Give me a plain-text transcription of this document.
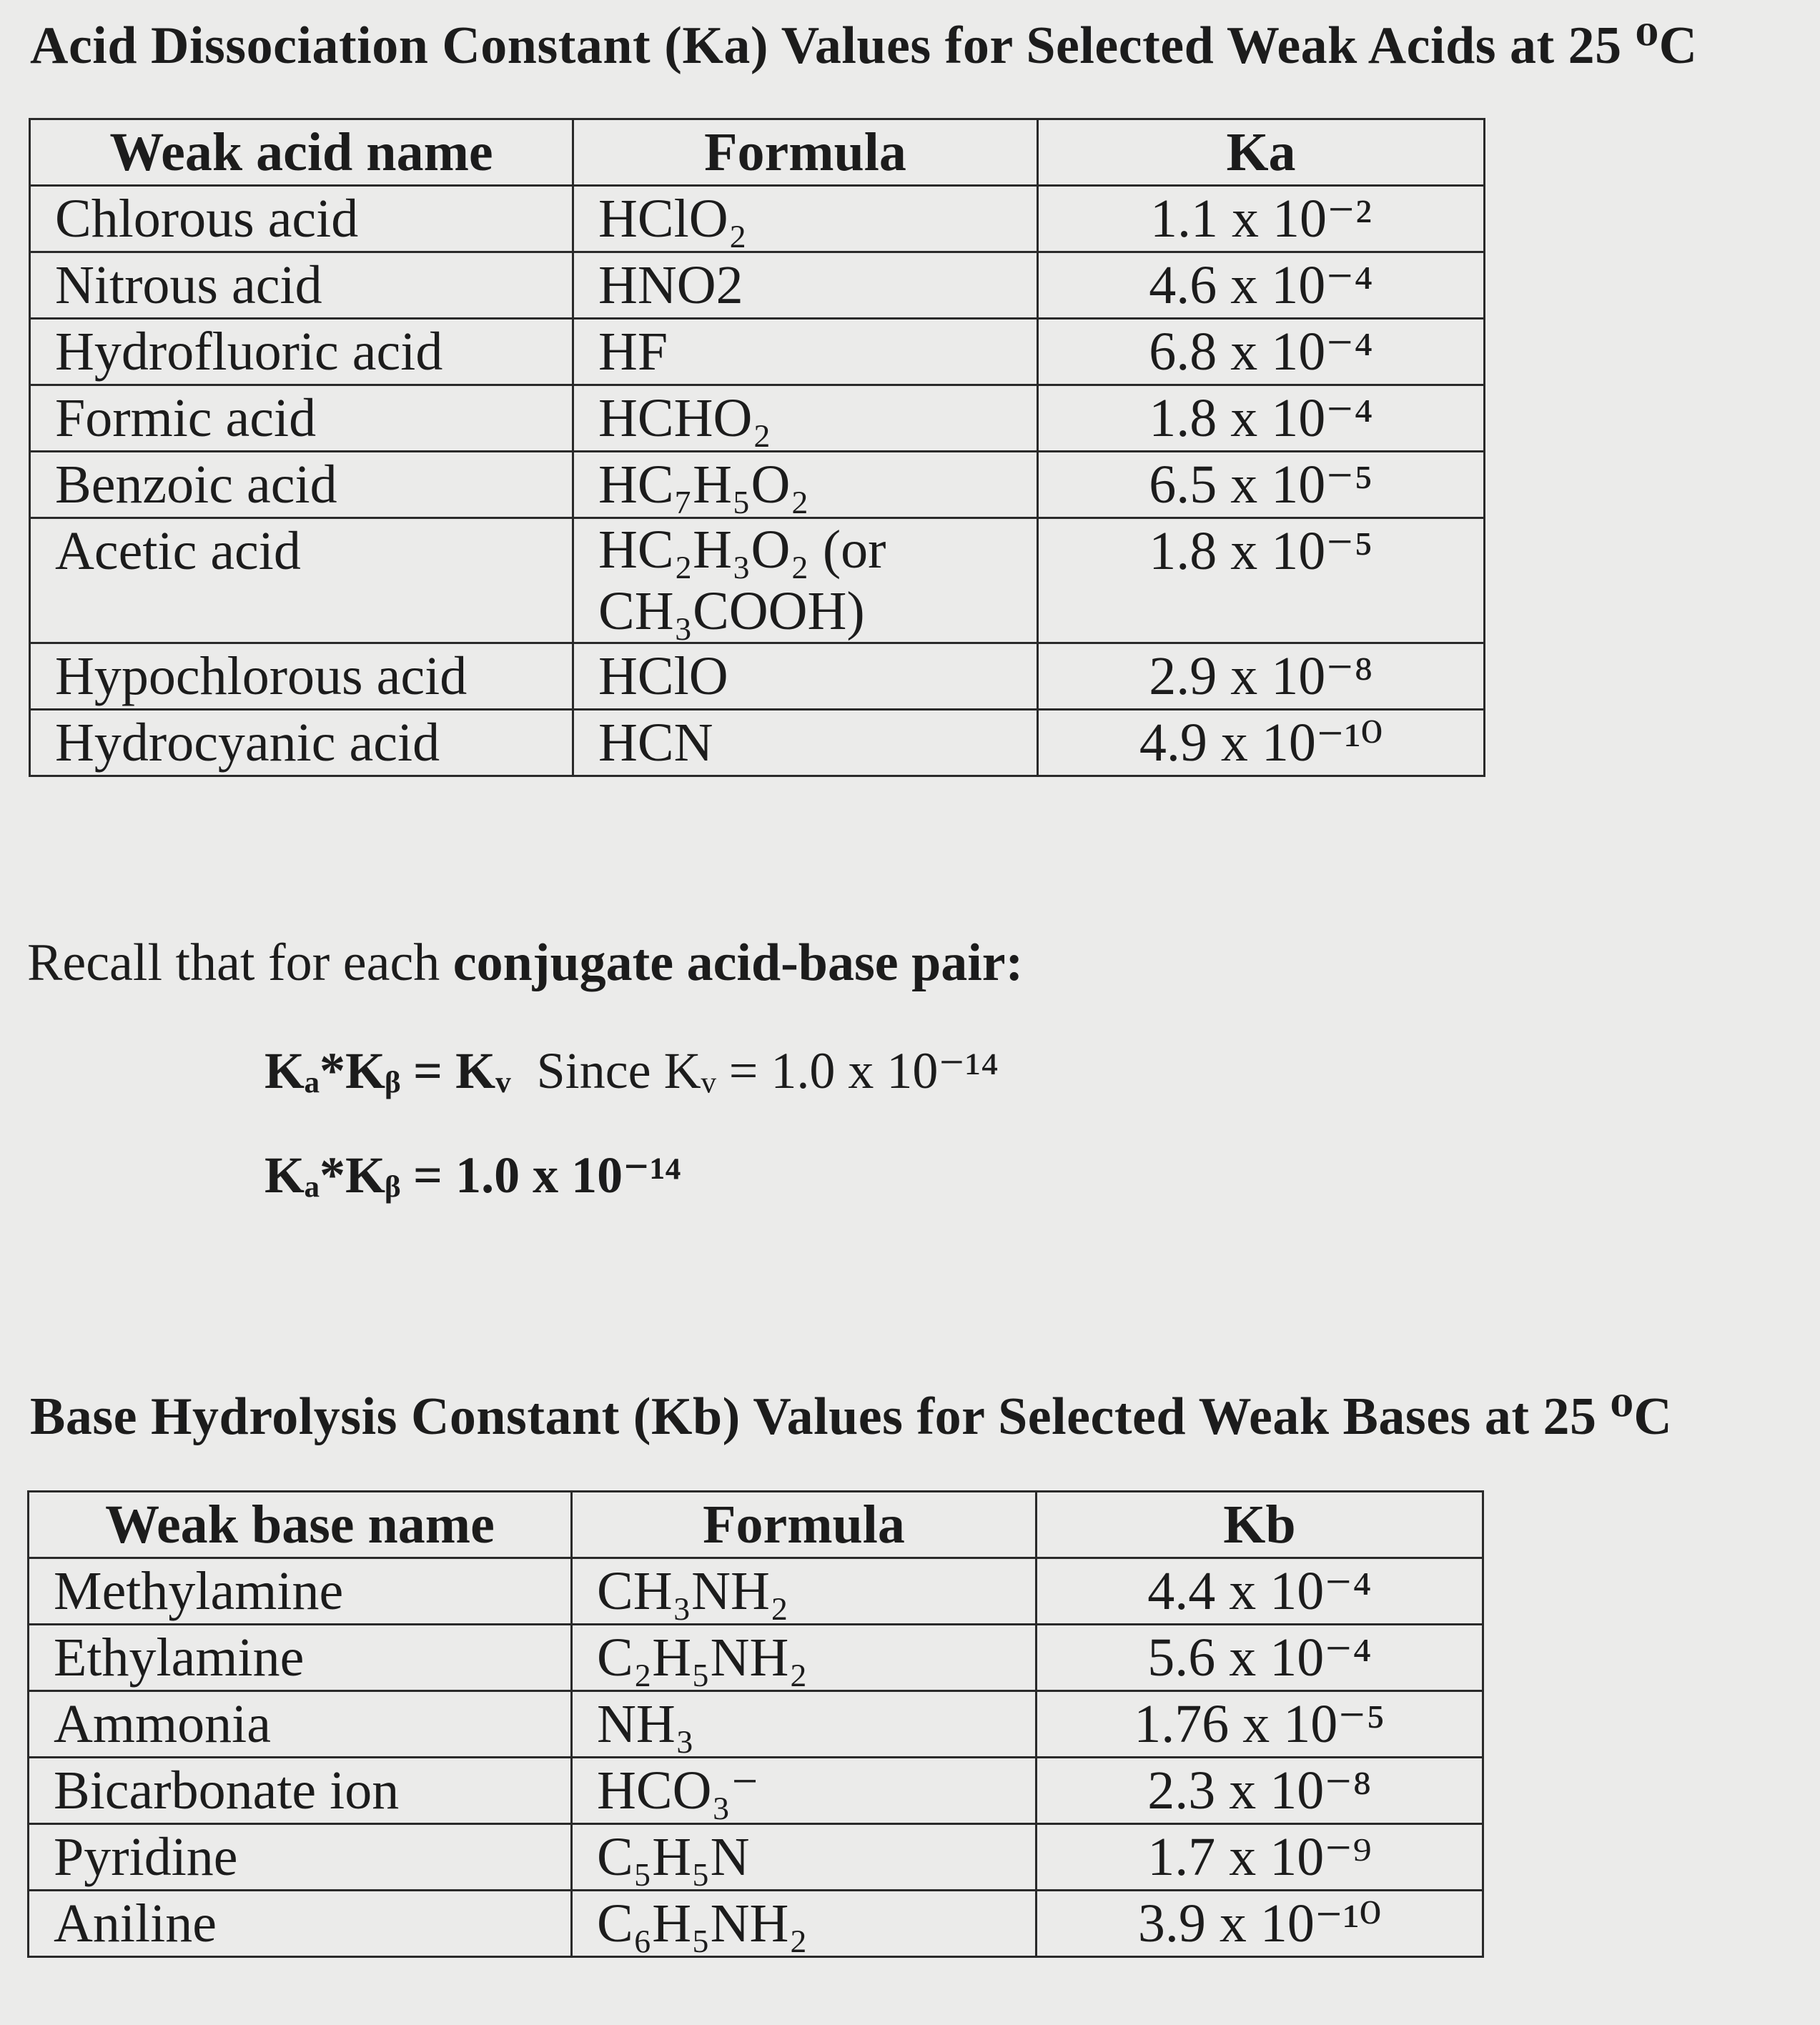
Acid Dissociation Constant (Ka) Values for Selected Weak Acids at 25 ⁰C
Weak acid name	Formula	Ka
Chlorous acid	HClO₂	1.1 x 10⁻²
Nitrous acid	HNO2	4.6 x 10⁻⁴
Hydrofluoric acid	HF	6.8 x 10⁻⁴
Formic acid	HCHO₂	1.8 x 10⁻⁴
Benzoic acid	HC₇H₅O₂	6.5 x 10⁻⁵
Acetic acid	HC₂H₃O₂ (or CH₃COOH)	1.8 x 10⁻⁵
Hypochlorous acid	HClO	2.9 x 10⁻⁸
Hydrocyanic acid	HCN	4.9 x 10⁻¹⁰
Recall that for each conjugate acid-base pair:
Kₐ*Kᵦ = Kᵥ Since Kᵥ = 1.0 x 10⁻¹⁴
Kₐ*Kᵦ = 1.0 x 10⁻¹⁴
Base Hydrolysis Constant (Kb) Values for Selected Weak Bases at 25 ⁰C
Weak base name	Formula	Kb
Methylamine	CH₃NH₂	4.4 x 10⁻⁴
Ethylamine	C₂H₅NH₂	5.6 x 10⁻⁴
Ammonia	NH₃	1.76 x 10⁻⁵
Bicarbonate ion	HCO₃⁻	2.3 x 10⁻⁸
Pyridine	C₅H₅N	1.7 x 10⁻⁹
Aniline	C₆H₅NH₂	3.9 x 10⁻¹⁰
